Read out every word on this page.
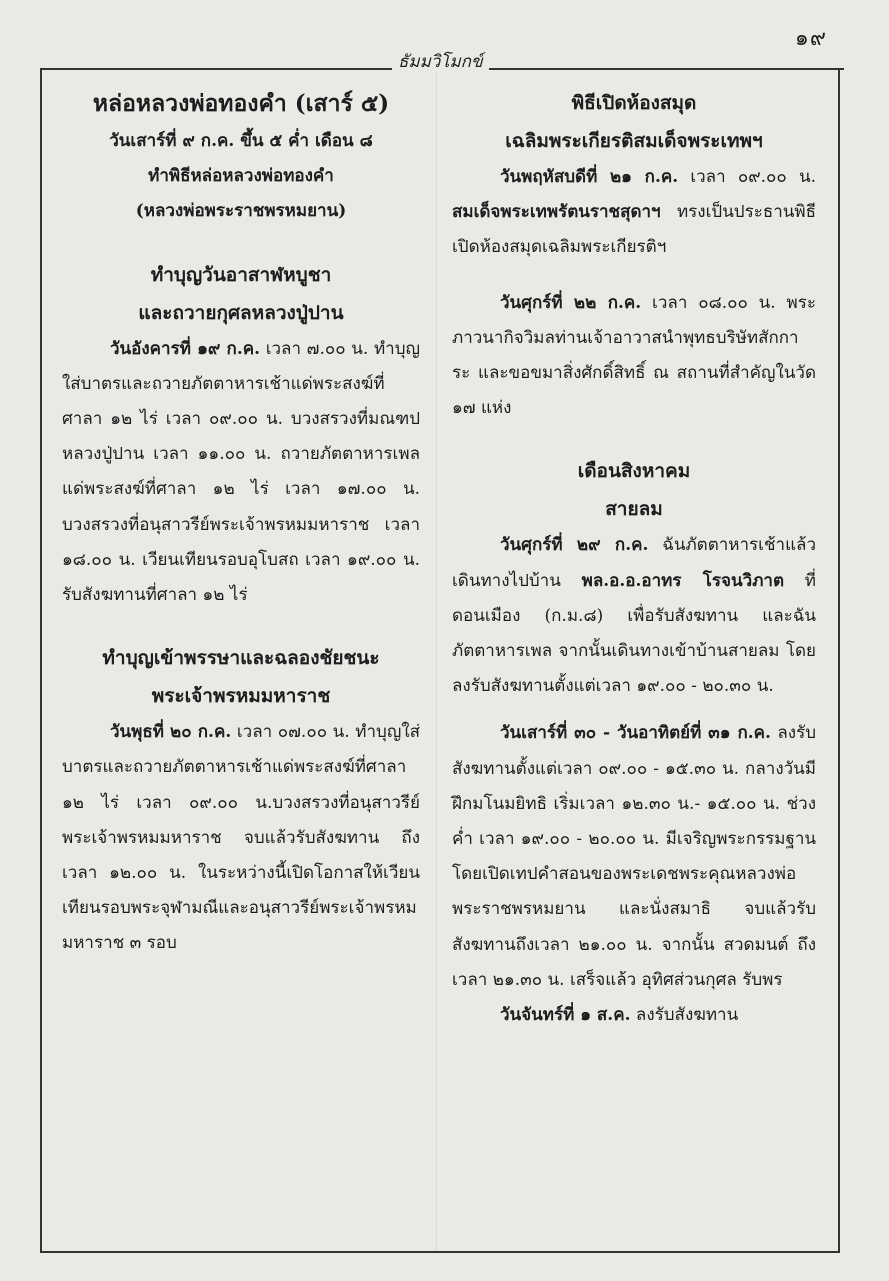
๑๙
ธัมมวิโมกข์
หล่อหลวงพ่อทองคำ (เสาร์ ๕)

วันเสาร์ที่ ๙ ก.ค. ขึ้น ๕ ค่ำ เดือน ๘

ทำพิธีหล่อหลวงพ่อทองคำ

(หลวงพ่อพระราชพรหมยาน)

ทำบุญวันอาสาฬหบูชา
และถวายกุศลหลวงปู่ปาน

วันอังคารที่ ๑๙ ก.ค. เวลา ๗.๐๐ น. ทำบุญใส่บาตรและถวายภัตตาหารเช้าแด่พระสงฆ์ที่ศาลา ๑๒ ไร่ เวลา ๐๙.๐๐ น. บวงสรวงที่มณฑปหลวงปู่ปาน เวลา ๑๑.๐๐ น. ถวายภัตตาหารเพลแด่พระสงฆ์ที่ศาลา ๑๒ ไร่ เวลา ๑๗.๐๐ น. บวงสรวงที่อนุสาวรีย์พระเจ้าพรหมมหาราช เวลา ๑๘.๐๐ น. เวียนเทียนรอบอุโบสถ เวลา ๑๙.๐๐ น. รับสังฆทานที่ศาลา ๑๒ ไร่

ทำบุญเข้าพรรษาและฉลองชัยชนะ
พระเจ้าพรหมมหาราช

วันพุธที่ ๒๐ ก.ค. เวลา ๐๗.๐๐ น. ทำบุญใส่บาตรและถวายภัตตาหารเช้าแด่พระสงฆ์ที่ศาลา ๑๒ ไร่ เวลา ๐๙.๐๐ น.บวงสรวงที่อนุสาวรีย์พระเจ้าพรหมมหาราช จบแล้วรับสังฆทาน ถึงเวลา ๑๒.๐๐ น. ในระหว่างนี้เปิดโอกาสให้เวียนเทียนรอบพระจุฬามณีและอนุสาวรีย์พระเจ้าพรหมมหาราช ๓ รอบ

พิธีเปิดห้องสมุด
เฉลิมพระเกียรติสมเด็จพระเทพฯ

วันพฤหัสบดีที่ ๒๑ ก.ค. เวลา ๐๙.๐๐ น. สมเด็จพระเทพรัตนราชสุดาฯ ทรงเป็นประธานพิธีเปิดห้องสมุดเฉลิมพระเกียรติฯ

วันศุกร์ที่ ๒๒ ก.ค. เวลา ๐๘.๐๐ น. พระภาวนากิจวิมลท่านเจ้าอาวาสนำพุทธบริษัทสักการะ และขอขมาสิ่งศักดิ์สิทธิ์ ณ สถานที่สำคัญในวัด ๑๗ แห่ง

เดือนสิงหาคม
สายลม

วันศุกร์ที่ ๒๙ ก.ค. ฉันภัตตาหารเช้าแล้ว เดินทางไปบ้าน พล.อ.อ.อาทร โรจนวิภาต ที่ดอนเมือง (ก.ม.๘) เพื่อรับสังฆทาน และฉันภัตตาหารเพล จากนั้นเดินทางเข้าบ้านสายลม โดยลงรับสังฆทานตั้งแต่เวลา ๑๙.๐๐ - ๒๐.๓๐ น.

วันเสาร์ที่ ๓๐ - วันอาทิตย์ที่ ๓๑ ก.ค. ลงรับสังฆทานตั้งแต่เวลา ๐๙.๐๐ - ๑๕.๓๐ น. กลางวันมีฝึกมโนมยิทธิ เริ่มเวลา ๑๒.๓๐ น.- ๑๕.๐๐ น. ช่วงค่ำ เวลา ๑๙.๐๐ - ๒๐.๐๐ น. มีเจริญพระกรรมฐาน โดยเปิดเทปคำสอนของพระเดชพระคุณหลวงพ่อพระราชพรหมยาน และนั่งสมาธิ จบแล้วรับสังฆทานถึงเวลา ๒๑.๐๐ น. จากนั้น สวดมนต์ ถึงเวลา ๒๑.๓๐ น. เสร็จแล้ว อุทิศส่วนกุศล รับพร

วันจันทร์ที่ ๑ ส.ค. ลงรับสังฆทาน
